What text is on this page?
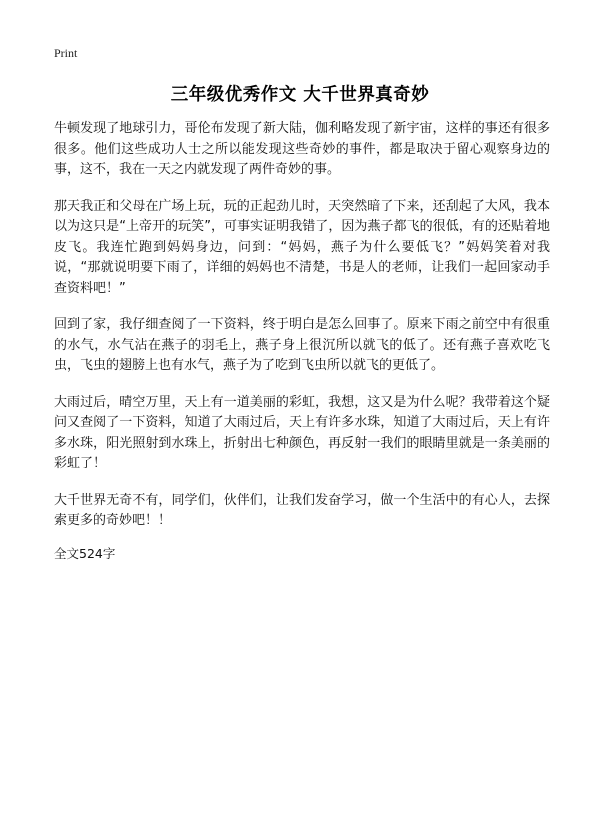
Print
三年级优秀作文 大千世界真奇妙

牛顿发现了地球引力，哥伦布发现了新大陆，伽利略发现了新宇宙，这样的事还有很多很多。他们这些成功人士之所以能发现这些奇妙的事件，都是取决于留心观察身边的事，这不，我在一天之内就发现了两件奇妙的事。

那天我正和父母在广场上玩，玩的正起劲儿时，天突然暗了下来，还刮起了大风，我本以为这只是“上帝开的玩笑”，可事实证明我错了，因为燕子都飞的很低，有的还贴着地皮飞。我连忙跑到妈妈身边，问到：“妈妈，燕子为什么要低飞？”妈妈笑着对我说，“那就说明要下雨了，详细的妈妈也不清楚，书是人的老师，让我们一起回家动手查资料吧！”

回到了家，我仔细查阅了一下资料，终于明白是怎么回事了。原来下雨之前空中有很重的水气，水气沾在燕子的羽毛上，燕子身上很沉所以就飞的低了。还有燕子喜欢吃飞虫，飞虫的翅膀上也有水气，燕子为了吃到飞虫所以就飞的更低了。

大雨过后，晴空万里，天上有一道美丽的彩虹，我想，这又是为什么呢？我带着这个疑问又查阅了一下资料，知道了大雨过后，天上有许多水珠，知道了大雨过后，天上有许多水珠，阳光照射到水珠上，折射出七种颜色，再反射一我们的眼睛里就是一条美丽的彩虹了！

大千世界无奇不有，同学们，伙伴们，让我们发奋学习，做一个生活中的有心人，去探索更多的奇妙吧！！

全文524字
